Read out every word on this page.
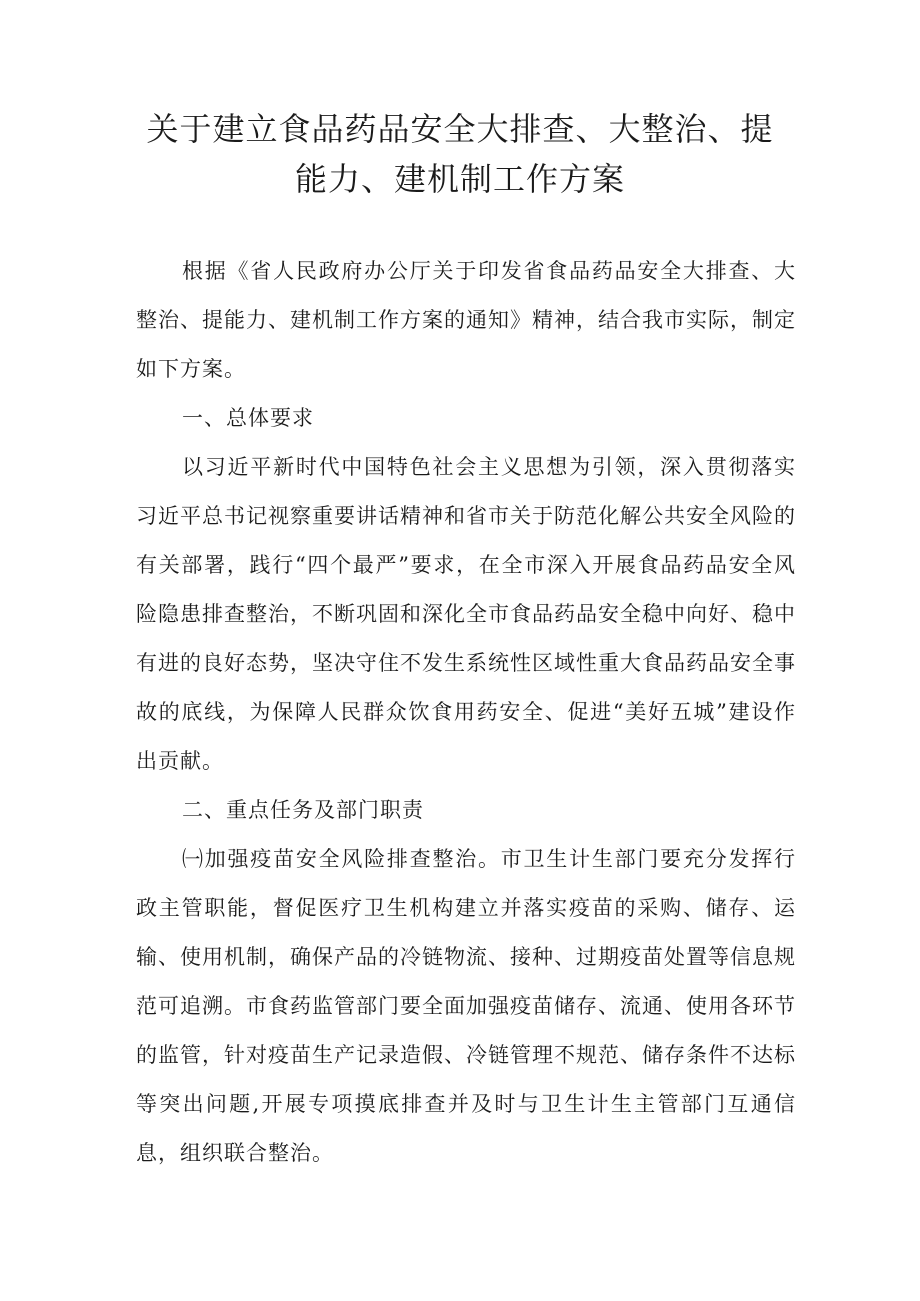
关于建立食品药品安全大排查、大整治、提
能力、建机制工作方案

根据《省人民政府办公厅关于印发省食品药品安全大排查、大整治、提能力、建机制工作方案的通知》精神，结合我市实际，制定如下方案。

一、总体要求

以习近平新时代中国特色社会主义思想为引领，深入贯彻落实习近平总书记视察重要讲话精神和省市关于防范化解公共安全风险的有关部署，践行“四个最严”要求，在全市深入开展食品药品安全风险隐患排查整治，不断巩固和深化全市食品药品安全稳中向好、稳中有进的良好态势，坚决守住不发生系统性区域性重大食品药品安全事故的底线，为保障人民群众饮食用药安全、促进“美好五城”建设作出贡献。

二、重点任务及部门职责

㈠加强疫苗安全风险排查整治。市卫生计生部门要充分发挥行政主管职能，督促医疗卫生机构建立并落实疫苗的采购、储存、运输、使用机制，确保产品的冷链物流、接种、过期疫苗处置等信息规范可追溯。市食药监管部门要全面加强疫苗储存、流通、使用各环节的监管，针对疫苗生产记录造假、冷链管理不规范、储存条件不达标等突出问题,开展专项摸底排查并及时与卫生计生主管部门互通信息，组织联合整治。
